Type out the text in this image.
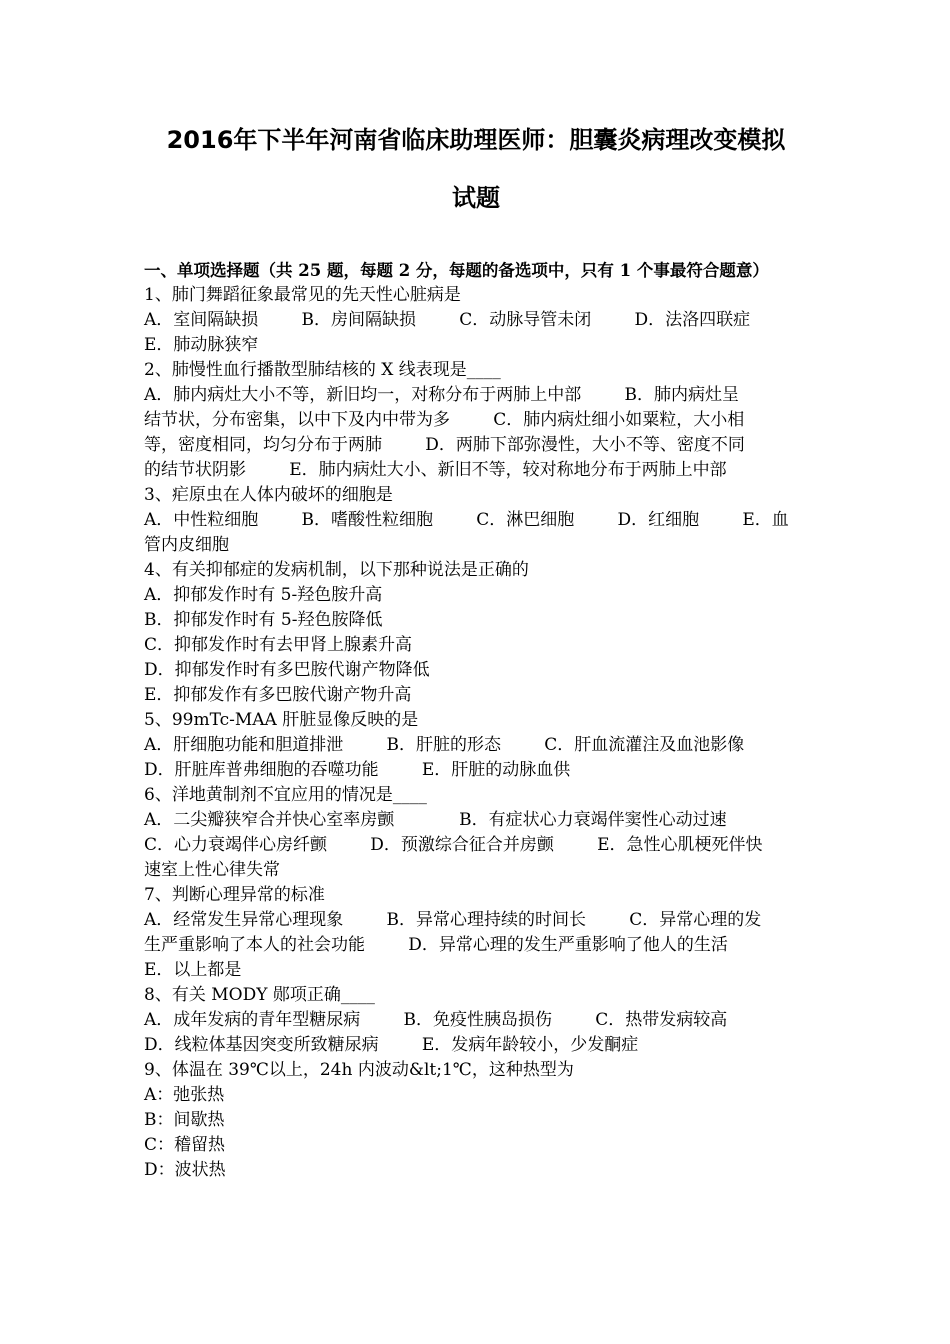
2016年下半年河南省临床助理医师：胆囊炎病理改变模拟
试题
一、单项选择题（共 25 题，每题 2 分，每题的备选项中，只有 1 个事最符合题意）
1、肺门舞蹈征象最常见的先天性心脏病是
A．室间隔缺损        B．房间隔缺损        C．动脉导管未闭        D．法洛四联症
E．肺动脉狭窄
2、肺慢性血行播散型肺结核的 X 线表现是____
A．肺内病灶大小不等，新旧均一，对称分布于两肺上中部        B．肺内病灶呈
结节状，分布密集，以中下及内中带为多        C．肺内病灶细小如粟粒，大小相
等，密度相同，均匀分布于两肺        D．两肺下部弥漫性，大小不等、密度不同
的结节状阴影        E．肺内病灶大小、新旧不等，较对称地分布于两肺上中部
3、疟原虫在人体内破坏的细胞是
A．中性粒细胞        B．嗜酸性粒细胞        C．淋巴细胞        D．红细胞        E．血
管内皮细胞
4、有关抑郁症的发病机制，以下那种说法是正确的
A．抑郁发作时有 5-羟色胺升高
B．抑郁发作时有 5-羟色胺降低
C．抑郁发作时有去甲肾上腺素升高
D．抑郁发作时有多巴胺代谢产物降低
E．抑郁发作有多巴胺代谢产物升高
5、99mTc-MAA 肝脏显像反映的是
A．肝细胞功能和胆道排泄        B．肝脏的形态        C．肝血流灌注及血池影像
D．肝脏库普弗细胞的吞噬功能        E．肝脏的动脉血供
6、洋地黄制剂不宜应用的情况是____
A．二尖瓣狭窄合并快心室率房颤            B．有症状心力衰竭伴窦性心动过速
C．心力衰竭伴心房纤颤        D．预激综合征合并房颤        E．急性心肌梗死伴快
速室上性心律失常
7、判断心理异常的标准
A．经常发生异常心理现象        B．异常心理持续的时间长        C．异常心理的发
生严重影响了本人的社会功能        D．异常心理的发生严重影响了他人的生活
E．以上都是
8、有关 MODY 郧项正确____
A．成年发病的青年型糖尿病        B．免疫性胰岛损伤        C．热带发病较高
D．线粒体基因突变所致糖尿病        E．发病年龄较小，少发酮症
9、体温在 39℃以上，24h 内波动&lt;1℃，这种热型为
A：弛张热
B：间歇热
C：稽留热
D：波状热
